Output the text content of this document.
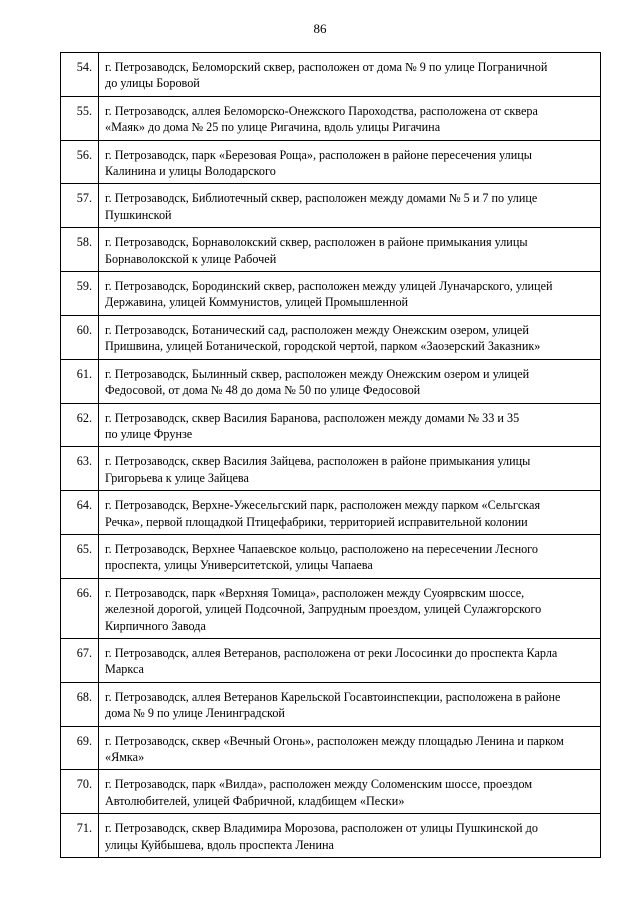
86
54.	г. Петрозаводск, Беломорский сквер, расположен от дома № 9 по улице Пограничной
до улицы Боровой

55.	г. Петрозаводск, аллея Беломорско-Онежского Пароходства, расположена от сквера
«Маяк» до дома № 25 по улице Ригачина, вдоль улицы Ригачина

56.	г. Петрозаводск, парк «Березовая Роща», расположен в районе пересечения улицы
Калинина и улицы Володарского

57.	г. Петрозаводск, Библиотечный сквер, расположен между домами № 5 и 7 по улице
Пушкинской

58.	г. Петрозаводск, Борнаволокский сквер, расположен в районе примыкания улицы
Борнаволокской к улице Рабочей

59.	г. Петрозаводск, Бородинский сквер, расположен между улицей Луначарского, улицей
Державина, улицей Коммунистов, улицей Промышленной

60.	г. Петрозаводск, Ботанический сад, расположен между Онежским озером, улицей
Пришвина, улицей Ботанической, городской чертой, парком «Заозерский Заказник»

61.	г. Петрозаводск, Былинный сквер, расположен между Онежским озером и улицей
Федосовой, от дома № 48 до дома № 50 по улице Федосовой

62.	г. Петрозаводск, сквер Василия Баранова, расположен между домами № 33 и 35
по улице Фрунзе

63.	г. Петрозаводск, сквер Василия Зайцева, расположен в районе примыкания улицы
Григорьева к улице Зайцева

64.	г. Петрозаводск, Верхне-Ужесельгский парк, расположен между парком «Сельгская
Речка», первой площадкой Птицефабрики, территорией исправительной колонии

65.	г. Петрозаводск, Верхнее Чапаевское кольцо, расположено на пересечении Лесного
проспекта, улицы Университетской, улицы Чапаева

66.	г. Петрозаводск, парк «Верхняя Томица», расположен между Суоярвским шоссе,
железной дорогой, улицей Подсочной, Запрудным проездом, улицей Сулажгорского
Кирпичного Завода

67.	г. Петрозаводск, аллея Ветеранов, расположена от реки Лососинки до проспекта Карла
Маркса

68.	г. Петрозаводск, аллея Ветеранов Карельской Госавтоинспекции, расположена в районе
дома № 9 по улице Ленинградской

69.	г. Петрозаводск, сквер «Вечный Огонь», расположен между площадью Ленина и парком
«Ямка»

70.	г. Петрозаводск, парк «Вилда», расположен между Соломенским шоссе, проездом
Автолюбителей, улицей Фабричной, кладбищем «Пески»

71.	г. Петрозаводск, сквер Владимира Морозова, расположен от улицы Пушкинской до
улицы Куйбышева, вдоль проспекта Ленина
